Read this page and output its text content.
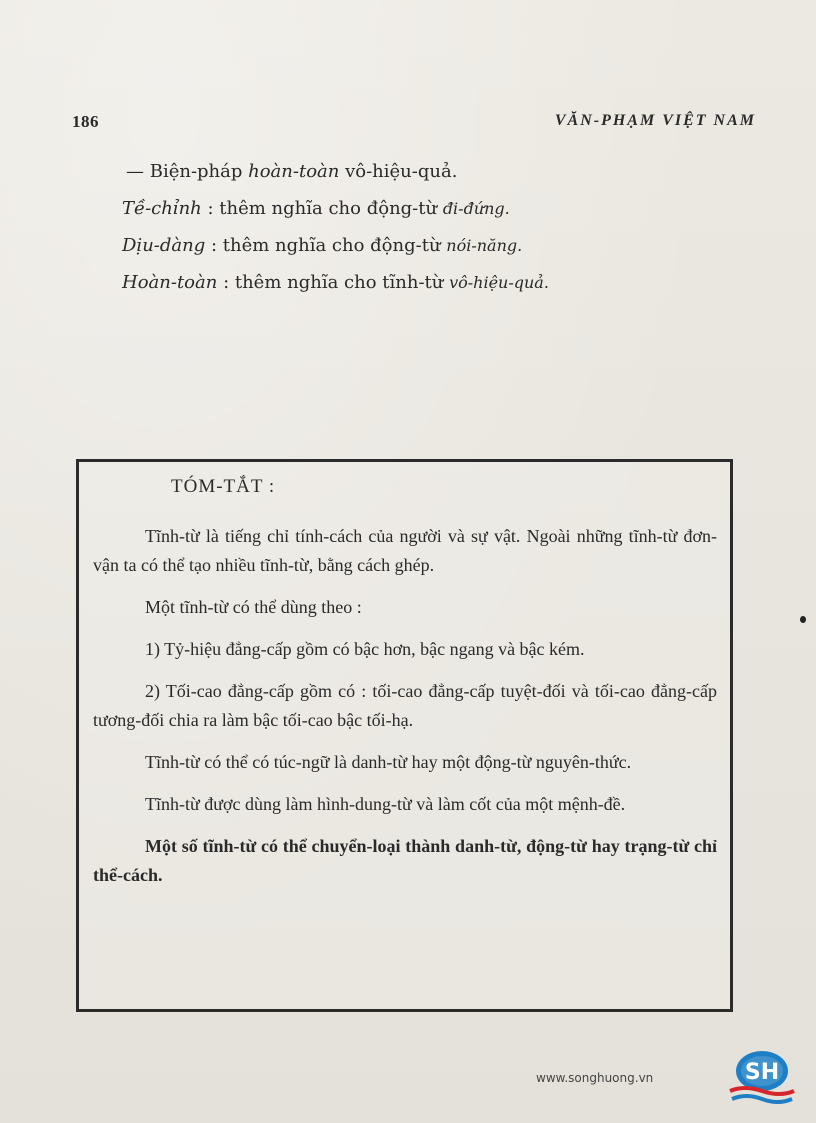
186	VĂN-PHẠM VIỆT NAM
— Biện-pháp hoàn-toàn vô-hiệu-quả.
Tề-chỉnh : thêm nghĩa cho động-từ đi-đứng.
Dịu-dàng : thêm nghĩa cho động-từ nói-năng.
Hoàn-toàn : thêm nghĩa cho tĩnh-từ vô-hiệu-quả.
TÓM-TẮT :

Tĩnh-từ là tiếng chỉ tính-cách của người và sự vật. Ngoài những tĩnh-từ đơn-vận ta có thể tạo nhiều tĩnh-từ, bằng cách ghép.

Một tĩnh-từ có thể dùng theo :

1) Tỷ-hiệu đẳng-cấp gồm có bậc hơn, bậc ngang và bậc kém.

2) Tối-cao đẳng-cấp gồm có : tối-cao đẳng-cấp tuyệt-đối và tối-cao đẳng-cấp tương-đối chia ra làm bậc tối-cao bậc tối-hạ.

Tĩnh-từ có thể có túc-ngữ là danh-từ hay một động-từ nguyên-thức.

Tĩnh-từ được dùng làm hình-dung-từ và làm cốt của một mệnh-đề.

Một số tĩnh-từ có thể chuyển-loại thành danh-từ, động-từ hay trạng-từ chỉ thể-cách.

www.songhuong.vn	SH
